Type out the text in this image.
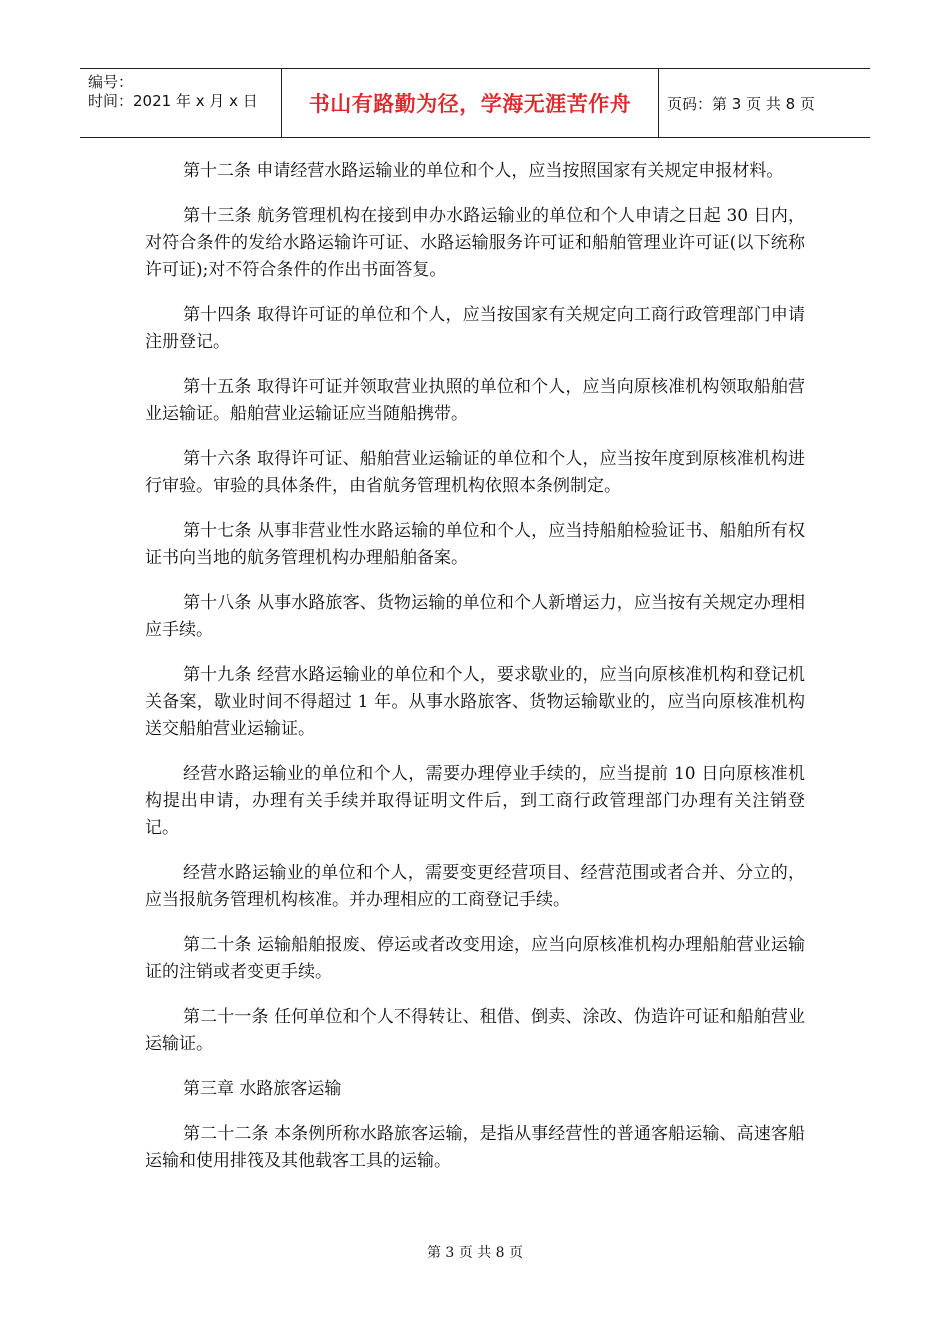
编号：
时间：2021 年 x 月 x 日	书山有路勤为径，学海无涯苦作舟	页码：第 3 页 共 8 页

第十二条 申请经营水路运输业的单位和个人，应当按照国家有关规定申报材料。

第十三条 航务管理机构在接到申办水路运输业的单位和个人申请之日起 30 日内，对符合条件的发给水路运输许可证、水路运输服务许可证和船舶管理业许可证(以下统称许可证);对不符合条件的作出书面答复。

第十四条 取得许可证的单位和个人，应当按国家有关规定向工商行政管理部门申请注册登记。

第十五条 取得许可证并领取营业执照的单位和个人，应当向原核准机构领取船舶营业运输证。船舶营业运输证应当随船携带。

第十六条 取得许可证、船舶营业运输证的单位和个人，应当按年度到原核准机构进行审验。审验的具体条件，由省航务管理机构依照本条例制定。

第十七条 从事非营业性水路运输的单位和个人，应当持船舶检验证书、船舶所有权证书向当地的航务管理机构办理船舶备案。

第十八条 从事水路旅客、货物运输的单位和个人新增运力，应当按有关规定办理相应手续。

第十九条 经营水路运输业的单位和个人，要求歇业的，应当向原核准机构和登记机关备案，歇业时间不得超过 1 年。从事水路旅客、货物运输歇业的，应当向原核准机构送交船舶营业运输证。

经营水路运输业的单位和个人，需要办理停业手续的，应当提前 10 日向原核准机构提出申请，办理有关手续并取得证明文件后，到工商行政管理部门办理有关注销登记。

经营水路运输业的单位和个人，需要变更经营项目、经营范围或者合并、分立的，应当报航务管理机构核准。并办理相应的工商登记手续。

第二十条 运输船舶报废、停运或者改变用途，应当向原核准机构办理船舶营业运输证的注销或者变更手续。

第二十一条 任何单位和个人不得转让、租借、倒卖、涂改、伪造许可证和船舶营业运输证。

第三章 水路旅客运输

第二十二条 本条例所称水路旅客运输，是指从事经营性的普通客船运输、高速客船运输和使用排筏及其他载客工具的运输。

第 3 页 共 8 页
